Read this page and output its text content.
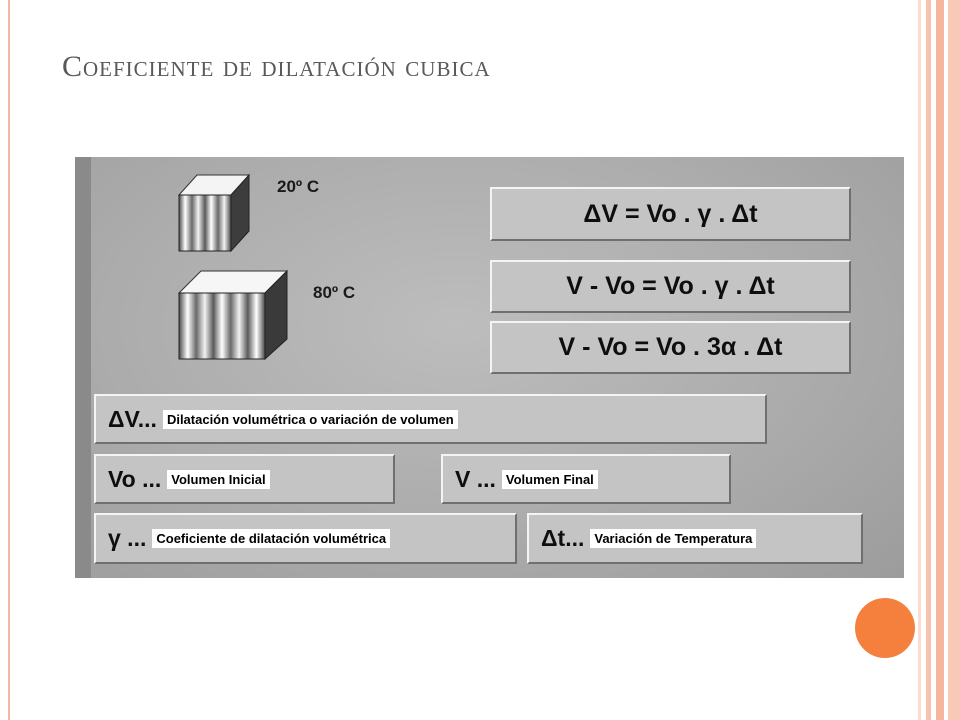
Coeficiente de dilatación cubica
20º C
80º C
ΔV = Vo . γ . Δt
V - Vo = Vo . γ . Δt
V - Vo = Vo . 3α . Δt
ΔV... Dilatación volumétrica o variación de volumen
Vo ... Volumen Inicial	V ... Volumen Final
γ ... Coeficiente de dilatación volumétrica	Δt... Variación de Temperatura
